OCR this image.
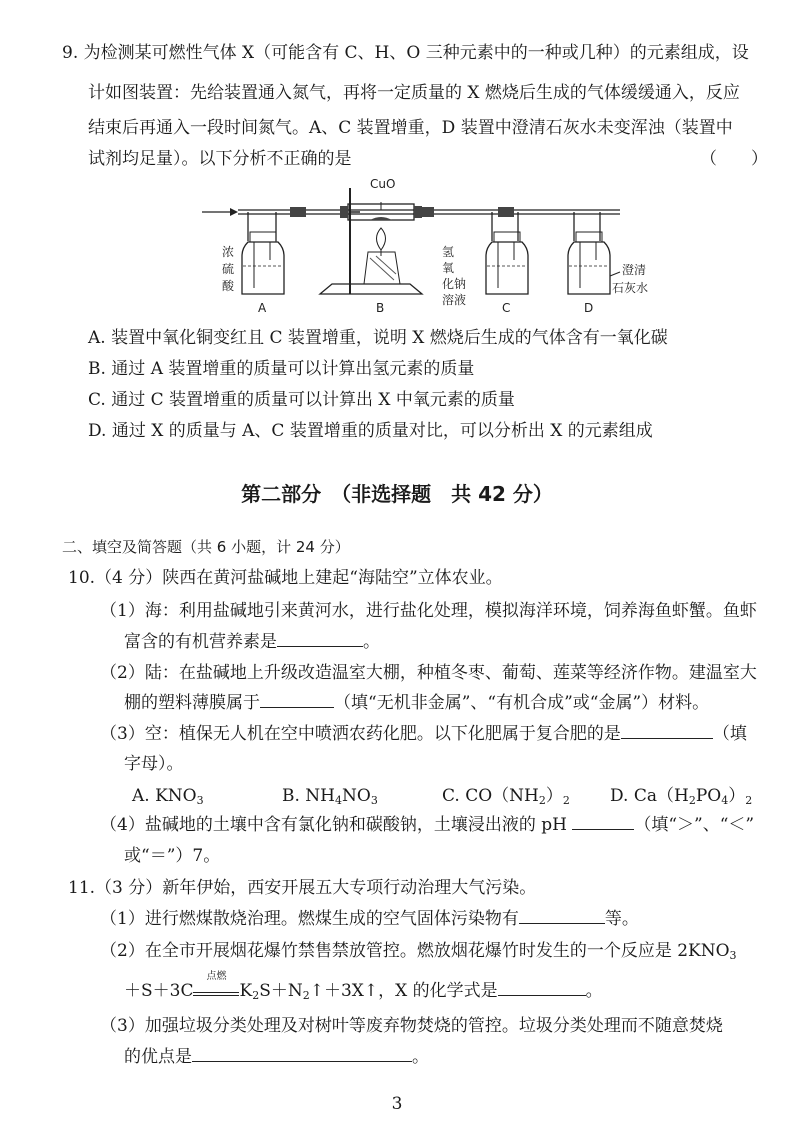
9. 为检测某可燃性气体 X（可能含有 C、H、O 三种元素中的一种或几种）的元素组成，设
计如图装置：先给装置通入氮气，再将一定质量的 X 燃烧后生成的气体缓缓通入，反应
结束后再通入一段时间氮气。A、C 装置增重，D 装置中澄清石灰水未变浑浊（装置中
试剂均足量）。以下分析不正确的是	（　　）
CuO
浓
硫
酸
氢
氧
化钠
溶液
澄清
石灰水
A	B	C	D
A. 装置中氧化铜变红且 C 装置增重，说明 X 燃烧后生成的气体含有一氧化碳
B. 通过 A 装置增重的质量可以计算出氢元素的质量
C. 通过 C 装置增重的质量可以计算出 X 中氧元素的质量
D. 通过 X 的质量与 A、C 装置增重的质量对比，可以分析出 X 的元素组成
第二部分　（非选择题　共 42 分）
二、填空及简答题（共 6 小题，计 24 分）
10.（4 分）陕西在黄河盐碱地上建起“海陆空”立体农业。
（1）海：利用盐碱地引来黄河水，进行盐化处理，模拟海洋环境，饲养海鱼虾蟹。鱼虾
富含的有机营养素是	。
（2）陆：在盐碱地上升级改造温室大棚，种植冬枣、葡萄、莲菜等经济作物。建温室大
棚的塑料薄膜属于	（填“无机非金属”、“有机合成”或“金属”）材料。
（3）空：植保无人机在空中喷洒农药化肥。以下化肥属于复合肥的是	（填
字母）。
A. $KNO_3$	B. $NH_4NO_3$	C. $CO(NH_2)_2$ D. $Ca(H_2PO_4)_2$
（4）盐碱地的土壤中含有氯化钠和碳酸钠，土壤浸出液的 pH	（填“＞”、“＜”
或“＝”）7。
11.（3 分）新年伊始，西安开展五大专项行动治理大气污染。
（1）进行燃煤散烧治理。燃煤生成的空气固体污染物有	等。
（2）在全市开展烟花爆竹禁售禁放管控。燃放烟花爆竹时发生的一个反应是 $2KNO_3$
＋S＋3C
点燃
$K_2S+N_2↑+3X↑$，X 的化学式是	。
（3）加强垃圾分类处理及对树叶等废弃物焚烧的管控。垃圾分类处理而不随意焚烧
的优点是	。
3
